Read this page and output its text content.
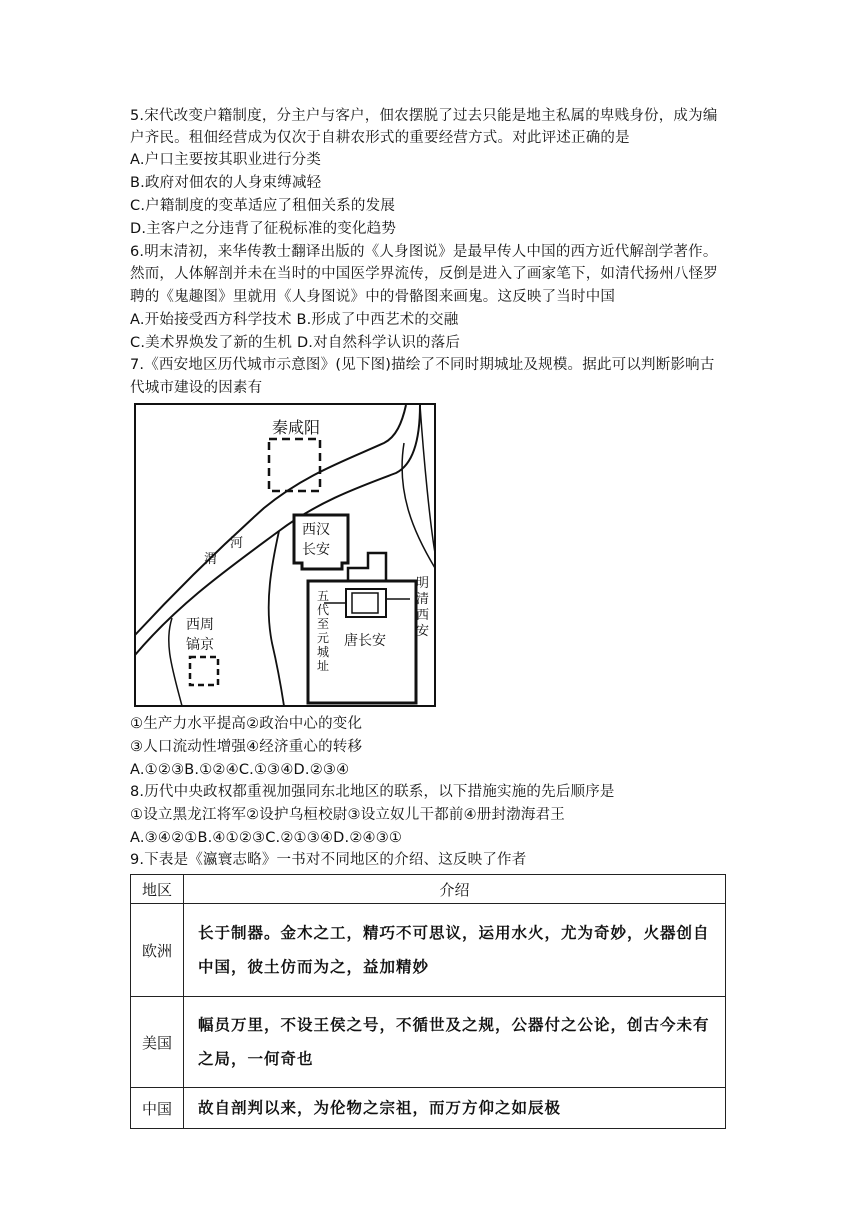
5.宋代改变户籍制度，分主户与客户，佃农摆脱了过去只能是地主私属的卑贱身份，成为编
户齐民。租佃经营成为仅次于自耕农形式的重要经营方式。对此评述正确的是
A.户口主要按其职业进行分类
B.政府对佃农的人身束缚减轻
C.户籍制度的变革适应了租佃关系的发展
D.主客户之分违背了征税标准的变化趋势
6.明末清初，来华传教士翻译出版的《人身图说》是最早传人中国的西方近代解剖学著作。
然而，人体解剖并未在当时的中国医学界流传，反倒是进入了画家笔下，如清代扬州八怪罗
聘的《鬼趣图》里就用《人身图说》中的骨骼图来画鬼。这反映了当时中国
A.开始接受西方科学技术 B.形成了中西艺术的交融
C.美术界焕发了新的生机 D.对自然科学认识的落后
7.《西安地区历代城市示意图》(见下图)描绘了不同时期城址及规模。据此可以判断影响古
代城市建设的因素有
秦咸阳
渭
河
西汉
长安
西周
镐京	唐长安
五
代
至
元
城
址
明
清
西
安
①生产力水平提高②政治中心的变化
③人口流动性增强④经济重心的转移
A.①②③B.①②④C.①③④D.②③④
8.历代中央政权都重视加强同东北地区的联系，以下措施实施的先后顺序是
①设立黑龙江将军②设护乌桓校尉③设立奴儿干都前④册封渤海君王
A.③④②①B.④①②③C.②①③④D.②④③①
9.下表是《瀛寰志略》一书对不同地区的介绍、这反映了作者
地区	介绍
欧洲	长于制器。金木之工，精巧不可思议，运用水火，尤为奇妙，火器创自中国，彼土仿而为之，益加精妙
美国	幅员万里，不设王侯之号，不循世及之规，公器付之公论，创古今未有之局，一何奇也
中国	故自剖判以来，为伦物之宗祖，而万方仰之如辰极
